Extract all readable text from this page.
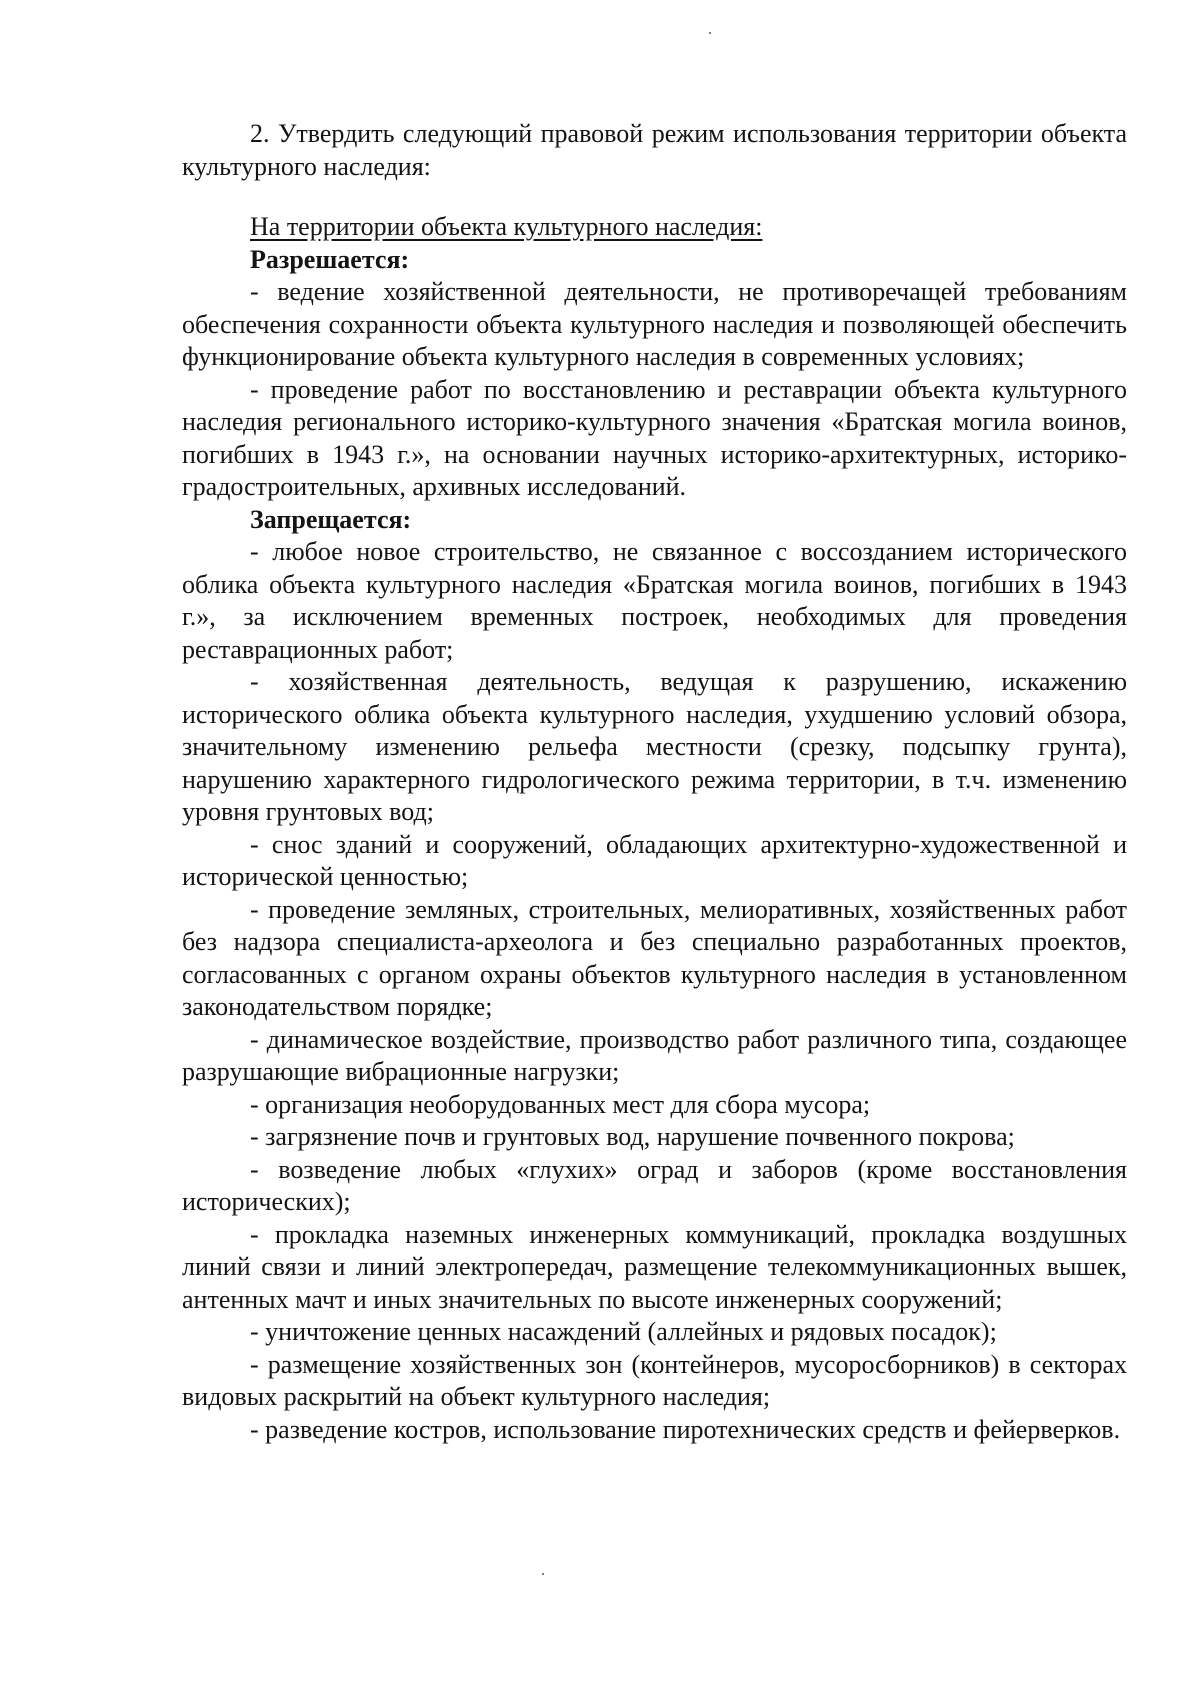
2. Утвердить следующий правовой режим использования территории объекта культурного наследия:

На территории объекта культурного наследия:

Разрешается:

- ведение хозяйственной деятельности, не противоречащей требованиям обеспечения сохранности объекта культурного наследия и позволяющей обеспечить функционирование объекта культурного наследия в современных условиях;

- проведение работ по восстановлению и реставрации объекта культурного наследия регионального историко-культурного значения «Братская могила воинов, погибших в 1943 г.», на основании научных историко-архитектурных, историко-градостроительных, архивных исследований.

Запрещается:

- любое новое строительство, не связанное с воссозданием исторического облика объекта культурного наследия «Братская могила воинов, погибших в 1943 г.», за исключением временных построек, необходимых для проведения реставрационных работ;

- хозяйственная деятельность, ведущая к разрушению, искажению исторического облика объекта культурного наследия, ухудшению условий обзора, значительному изменению рельефа местности (срезку, подсыпку грунта), нарушению характерного гидрологического режима территории, в т.ч. изменению уровня грунтовых вод;

- снос зданий и сооружений, обладающих архитектурно-художественной и исторической ценностью;

- проведение земляных, строительных, мелиоративных, хозяйственных работ без надзора специалиста-археолога и без специально разработанных проектов, согласованных с органом охраны объектов культурного наследия в установленном законодательством порядке;

- динамическое воздействие, производство работ различного типа, создающее разрушающие вибрационные нагрузки;

- организация необорудованных мест для сбора мусора;

- загрязнение почв и грунтовых вод, нарушение почвенного покрова;

- возведение любых «глухих» оград и заборов (кроме восстановления исторических);

- прокладка наземных инженерных коммуникаций, прокладка воздушных линий связи и линий электропередач, размещение телекоммуникационных вышек, антенных мачт и иных значительных по высоте инженерных сооружений;

- уничтожение ценных насаждений (аллейных и рядовых посадок);

- размещение хозяйственных зон (контейнеров, мусоросборников) в секторах видовых раскрытий на объект культурного наследия;

- разведение костров, использование пиротехнических средств и фейерверков.
